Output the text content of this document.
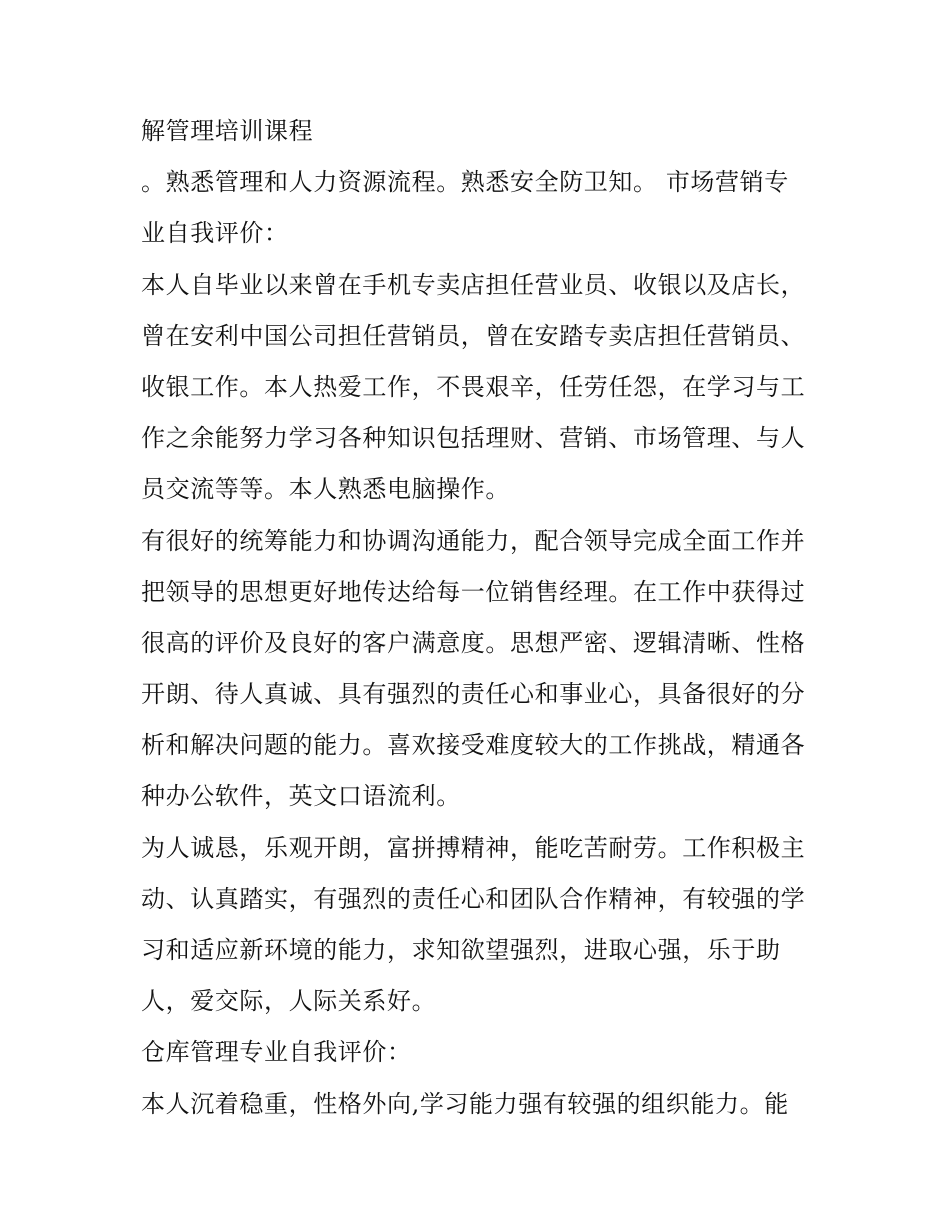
解管理培训课程
。熟悉管理和人力资源流程。熟悉安全防卫知。 市场营销专
业自我评价：
本人自毕业以来曾在手机专卖店担任营业员、收银以及店长，
曾在安利中国公司担任营销员，曾在安踏专卖店担任营销员、
收银工作。本人热爱工作，不畏艰辛，任劳任怨，在学习与工
作之余能努力学习各种知识包括理财、营销、市场管理、与人
员交流等等。本人熟悉电脑操作。
有很好的统筹能力和协调沟通能力，配合领导完成全面工作并
把领导的思想更好地传达给每一位销售经理。在工作中获得过
很高的评价及良好的客户满意度。思想严密、逻辑清晰、性格
开朗、待人真诚、具有强烈的责任心和事业心，具备很好的分
析和解决问题的能力。喜欢接受难度较大的工作挑战，精通各
种办公软件，英文口语流利。
为人诚恳，乐观开朗，富拼搏精神，能吃苦耐劳。工作积极主
动、认真踏实，有强烈的责任心和团队合作精神，有较强的学
习和适应新环境的能力，求知欲望强烈，进取心强，乐于助
人，爱交际，人际关系好。
仓库管理专业自我评价：
本人沉着稳重，性格外向,学习能力强有较强的组织能力。能
